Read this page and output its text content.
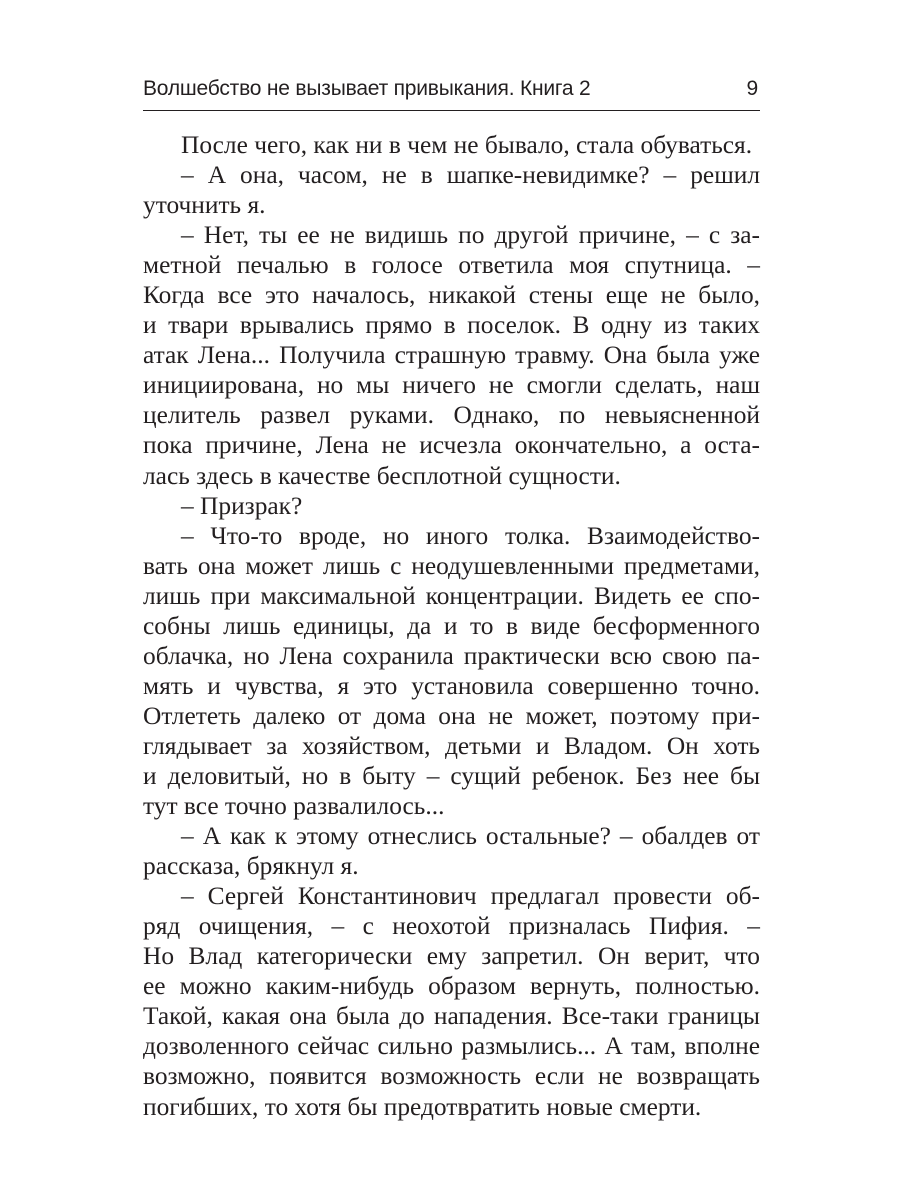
Волшебство не вызывает привыкания. Книга 2	9
После чего, как ни в чем не бывало, стала обуваться.
– А она, часом, не в шапке-невидимке? – решил
уточнить я.
– Нет, ты ее не видишь по другой причине, – с за-
метной печалью в голосе ответила моя спутница. –
Когда все это началось, никакой стены еще не было,
и твари врывались прямо в поселок. В одну из таких
атак Лена... Получила страшную травму. Она была уже
инициирована, но мы ничего не смогли сделать, наш
целитель развел руками. Однако, по невыясненной
пока причине, Лена не исчезла окончательно, а оста-
лась здесь в качестве бесплотной сущности.
– Призрак?
– Что-то вроде, но иного толка. Взаимодейство-
вать она может лишь с неодушевленными предметами,
лишь при максимальной концентрации. Видеть ее спо-
собны лишь единицы, да и то в виде бесформенного
облачка, но Лена сохранила практически всю свою па-
мять и чувства, я это установила совершенно точно.
Отлететь далеко от дома она не может, поэтому при-
глядывает за хозяйством, детьми и Владом. Он хоть
и деловитый, но в быту – сущий ребенок. Без нее бы
тут все точно развалилось...
– А как к этому отнеслись остальные? – обалдев от
рассказа, брякнул я.
– Сергей Константинович предлагал провести об-
ряд очищения, – с неохотой призналась Пифия. –
Но Влад категорически ему запретил. Он верит, что
ее можно каким-нибудь образом вернуть, полностью.
Такой, какая она была до нападения. Все-таки границы
дозволенного сейчас сильно размылись... А там, вполне
возможно, появится возможность если не возвращать
погибших, то хотя бы предотвратить новые смерти.
